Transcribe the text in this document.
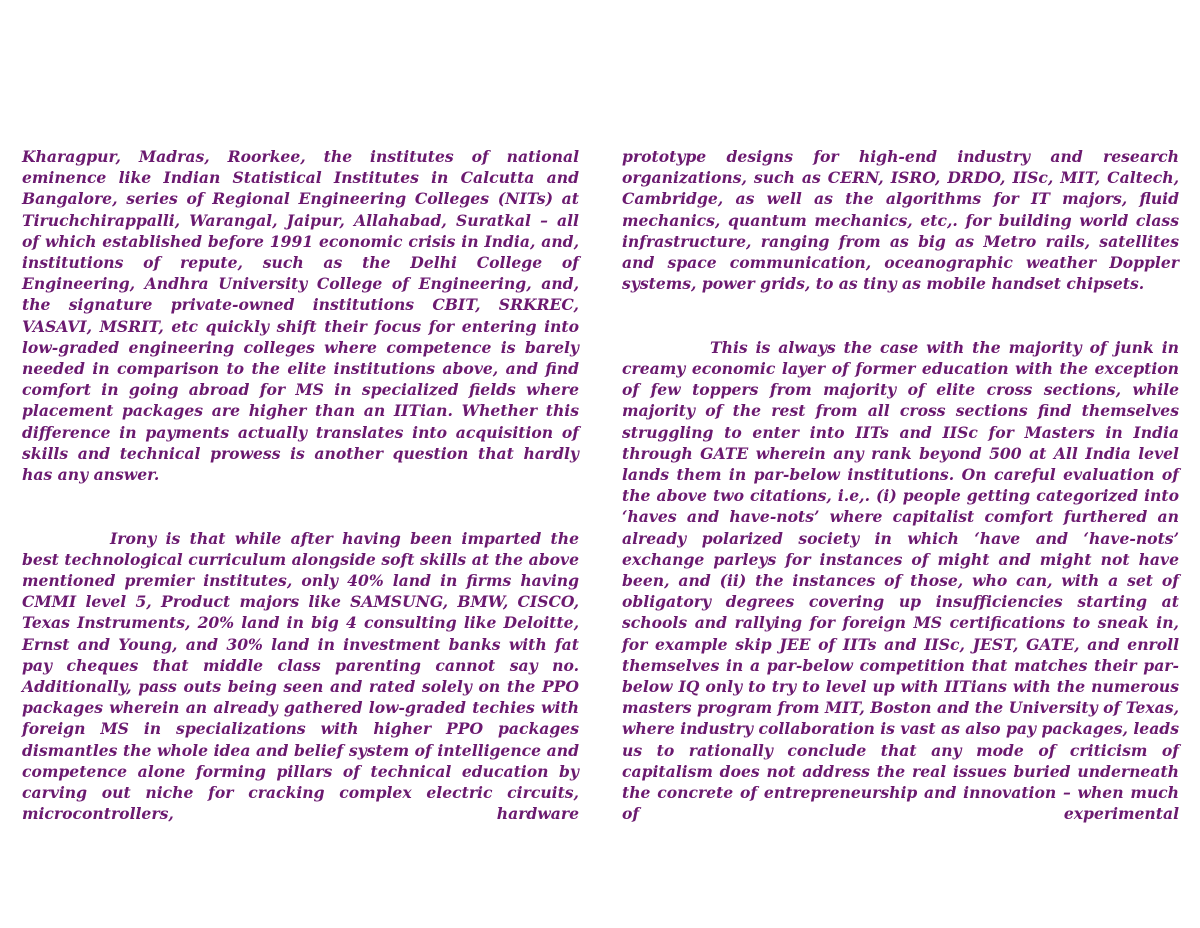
Kharagpur, Madras, Roorkee, the institutes of national eminence like Indian Statistical Institutes in Calcutta and Bangalore, series of Regional Engineering Colleges (NITs) at Tiruchchirappalli, Warangal, Jaipur, Allahabad, Suratkal – all of which established before 1991 economic crisis in India, and, institutions of repute, such as the Delhi College of Engineering, Andhra University College of Engineering, and, the signature private-owned institutions CBIT, SRKREC, VASAVI, MSRIT, etc quickly shift their focus for entering into low-graded engineering colleges where competence is barely needed in comparison to the elite institutions above, and find comfort in going abroad for MS in specialized fields where placement packages are higher than an IITian. Whether this difference in payments actually translates into acquisition of skills and technical prowess is another question that hardly has any answer.

Irony is that while after having been imparted the best technological curriculum alongside soft skills at the above mentioned premier institutes, only 40% land in firms having CMMI level 5, Product majors like SAMSUNG, BMW, CISCO, Texas Instruments, 20% land in big 4 consulting like Deloitte, Ernst and Young, and 30% land in investment banks with fat pay cheques that middle class parenting cannot say no. Additionally, pass outs being seen and rated solely on the PPO packages wherein an already gathered low-graded techies with foreign MS in specializations with higher PPO packages dismantles the whole idea and belief system of intelligence and competence alone forming pillars of technical education by carving out niche for cracking complex electric circuits, microcontrollers, hardware

prototype designs for high-end industry and research organizations, such as CERN, ISRO, DRDO, IISc, MIT, Caltech, Cambridge, as well as the algorithms for IT majors, fluid mechanics, quantum mechanics, etc,. for building world class infrastructure, ranging from as big as Metro rails, satellites and space communication, oceanographic weather Doppler systems, power grids, to as tiny as mobile handset chipsets.

This is always the case with the majority of junk in creamy economic layer of former education with the exception of few toppers from majority of elite cross sections, while majority of the rest from all cross sections find themselves struggling to enter into IITs and IISc for Masters in India through GATE wherein any rank beyond 500 at All India level lands them in par-below institutions. On careful evaluation of the above two citations, i.e,. (i) people getting categorized into ‘haves and have-nots’ where capitalist comfort furthered an already polarized society in which ‘have and ‘have-nots’ exchange parleys for instances of might and might not have been, and (ii) the instances of those, who can, with a set of obligatory degrees covering up insufficiencies starting at schools and rallying for foreign MS certifications to sneak in, for example skip JEE of IITs and IISc, JEST, GATE, and enroll themselves in a par-below competition that matches their par-below IQ only to try to level up with IITians with the numerous masters program from MIT, Boston and the University of Texas, where industry collaboration is vast as also pay packages, leads us to rationally conclude that any mode of criticism of capitalism does not address the real issues buried underneath the concrete of entrepreneurship and innovation – when much of experimental
